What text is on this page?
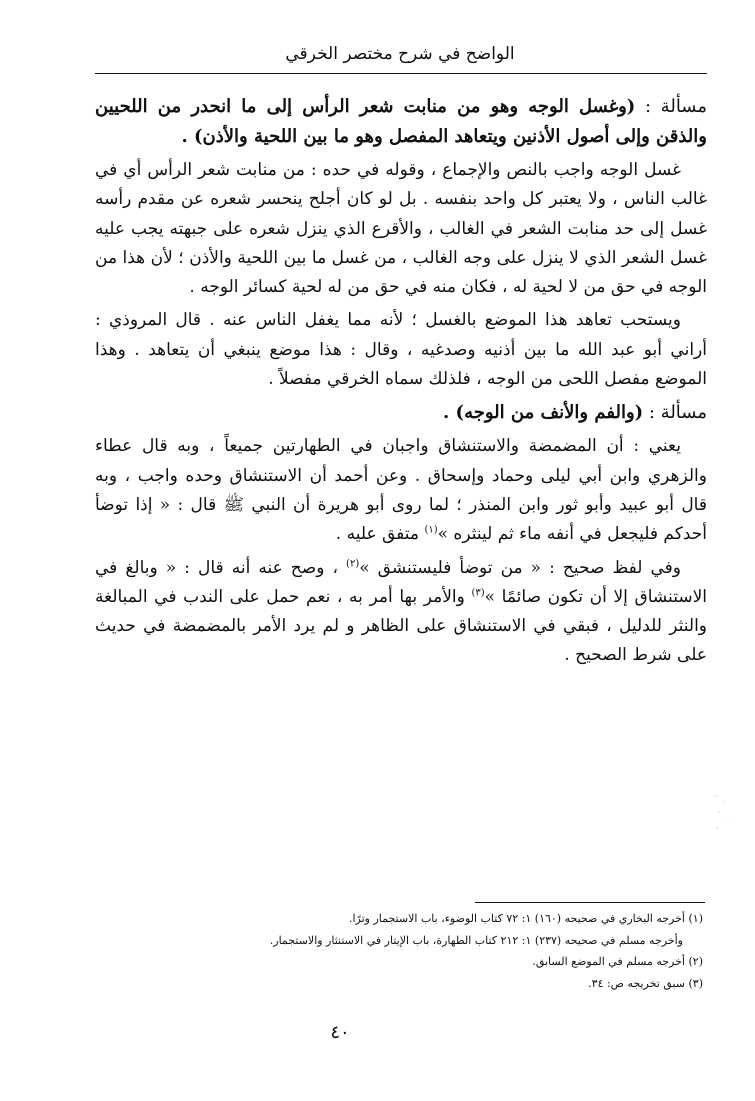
الواضح في شرح مختصر الخرقي

مسألة : (وغسل الوجه وهو من منابت شعر الرأس إلى ما انحدر من اللحيين والذقن وإلى أصول الأذنين ويتعاهد المفصل وهو ما بين اللحية والأذن) .

غسل الوجه واجب بالنص والإجماع ، وقوله في حده : من منابت شعر الرأس أي في غالب الناس ، ولا يعتبر كل واحد بنفسه . بل لو كان أجلح ينحسر شعره عن مقدم رأسه غسل إلى حد منابت الشعر في الغالب ، والأقرع الذي ينزل شعره على جبهته يجب عليه غسل الشعر الذي لا ينزل على وجه الغالب ، من غسل ما بين اللحية والأذن ؛ لأن هذا من الوجه في حق من لا لحية له ، فكان منه في حق من له لحية كسائر الوجه .

ويستحب تعاهد هذا الموضع بالغسل ؛ لأنه مما يغفل الناس عنه . قال المروذي : أراني أبو عبد الله ما بين أذنيه وصدغيه ، وقال : هذا موضع ينبغي أن يتعاهد . وهذا الموضع مفصل اللحى من الوجه ، فلذلك سماه الخرقي مفصلاً .

مسألة : (والفم والأنف من الوجه) .

يعني : أن المضمضة والاستنشاق واجبان في الطهارتين جميعاً ، وبه قال عطاء والزهري وابن أبي ليلى وحماد وإسحاق . وعن أحمد أن الاستنشاق وحده واجب ، وبه قال أبو عبيد وأبو ثور وابن المنذر ؛ لما روى أبو هريرة أن النبي ﷺ قال : « إذا توضأ أحدكم فليجعل في أنفه ماء ثم لينثره »$^{(١)}$ متفق عليه .

وفي لفظ صحيح : « من توضأ فليستنشق »$^{(٢)}$ ، وصح عنه أنه قال : « وبالغ في الاستنشاق إلا أن تكون صائمًا »$^{(٣)}$ والأمر بها أمر به ، نعم حمل على الندب في المبالغة والنثر للدليل ، فبقي في الاستنشاق على الظاهر و لم يرد الأمر بالمضمضة في حديث على شرط الصحيح .

(١) أخرجه البخاري في صحيحه (١٦٠) ١: ٧٢ كتاب الوضوء، باب الاستجمار وترًا.
وأخرجه مسلم في صحيحه (٢٣٧) ١: ٢١٢ كتاب الطهارة، باب الإيتار في الاستنثار والاستجمار.
(٢) أخرجه مسلم في الموضع السابق.
(٣) سبق تخريجه ص: ٣٤.
٤٠
